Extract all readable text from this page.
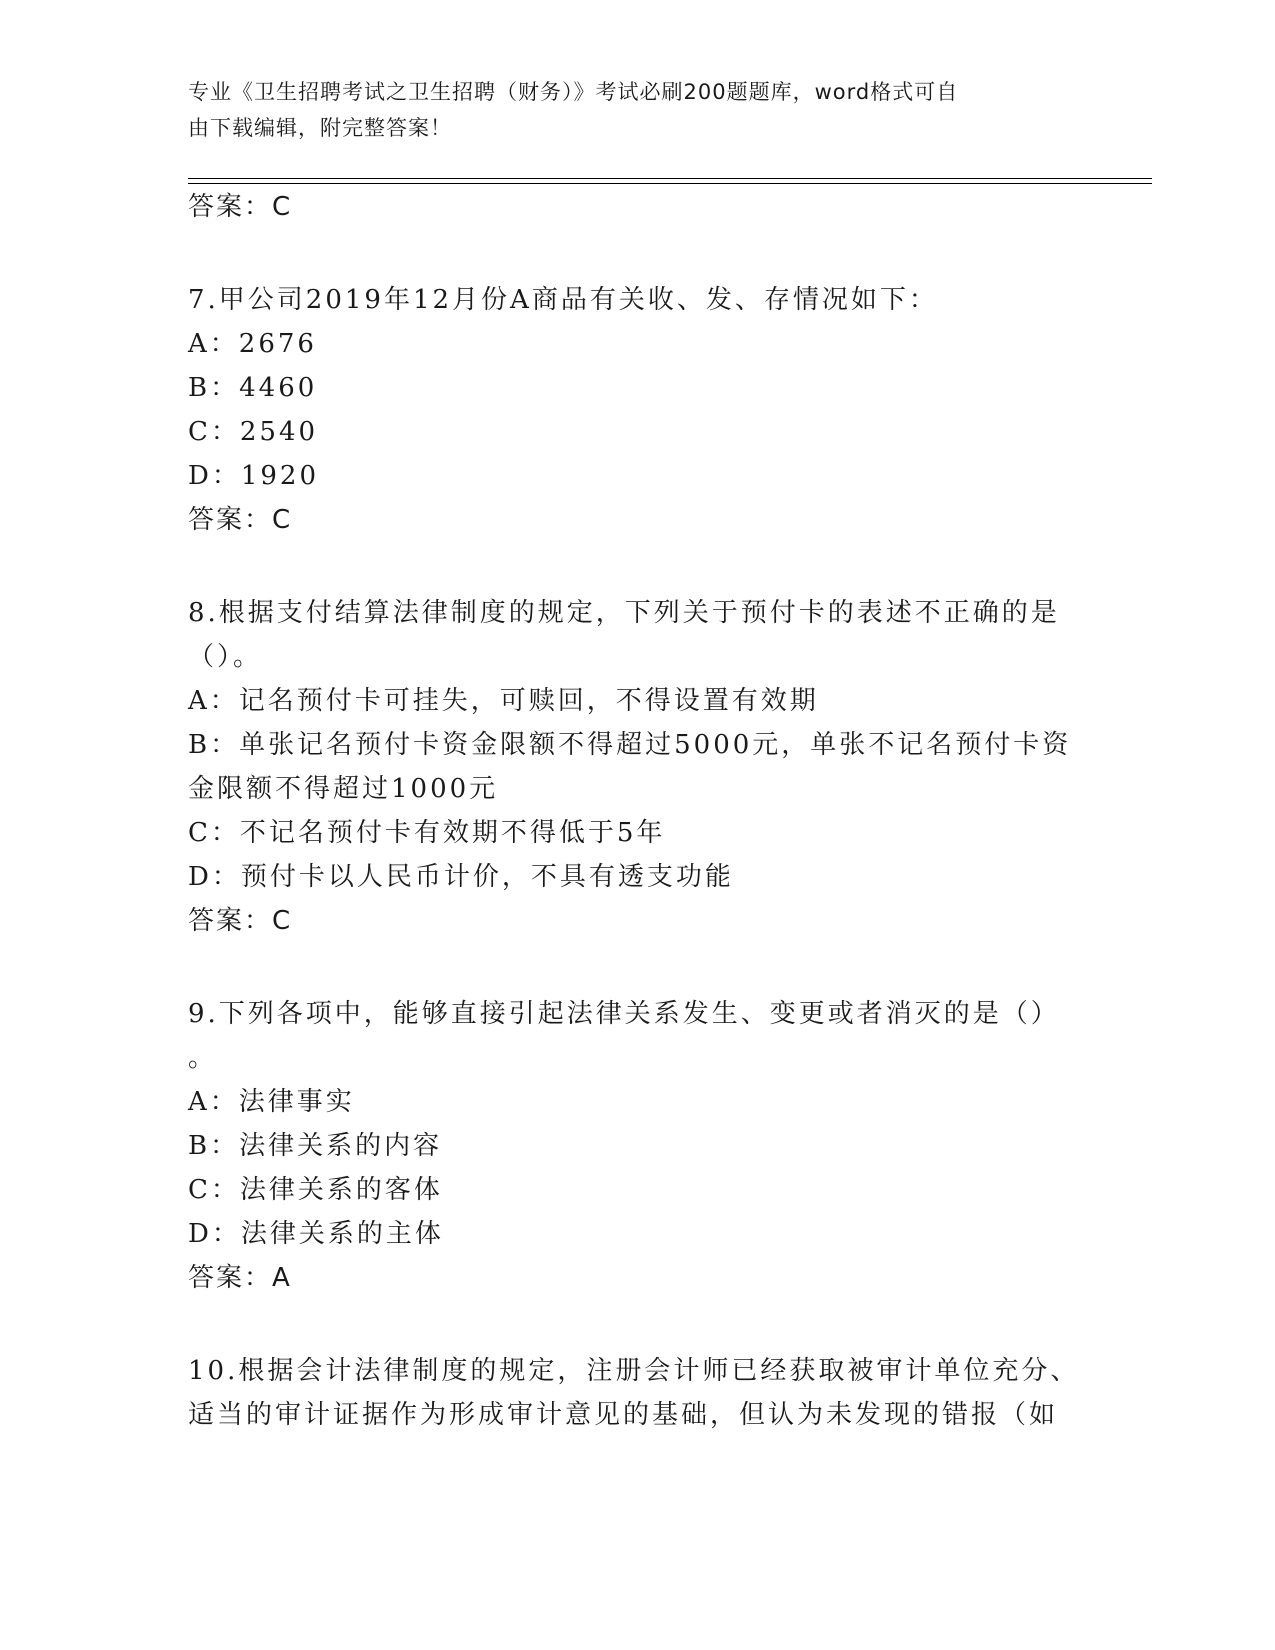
专业《卫生招聘考试之卫生招聘（财务）》考试必刷200题题库，word格式可自
由下载编辑，附完整答案！
答案：C
7.甲公司2019年12月份A商品有关收、发、存情况如下：
A：2676
B：4460
C：2540
D：1920
答案：C
8.根据支付结算法律制度的规定，下列关于预付卡的表述不正确的是
（）。
A：记名预付卡可挂失，可赎回，不得设置有效期
B：单张记名预付卡资金限额不得超过5000元，单张不记名预付卡资
金限额不得超过1000元
C：不记名预付卡有效期不得低于5年
D：预付卡以人民币计价，不具有透支功能
答案：C
9.下列各项中，能够直接引起法律关系发生、变更或者消灭的是（）
。
A：法律事实
B：法律关系的内容
C：法律关系的客体
D：法律关系的主体
答案：A
10.根据会计法律制度的规定，注册会计师已经获取被审计单位充分、
适当的审计证据作为形成审计意见的基础，但认为未发现的错报（如
